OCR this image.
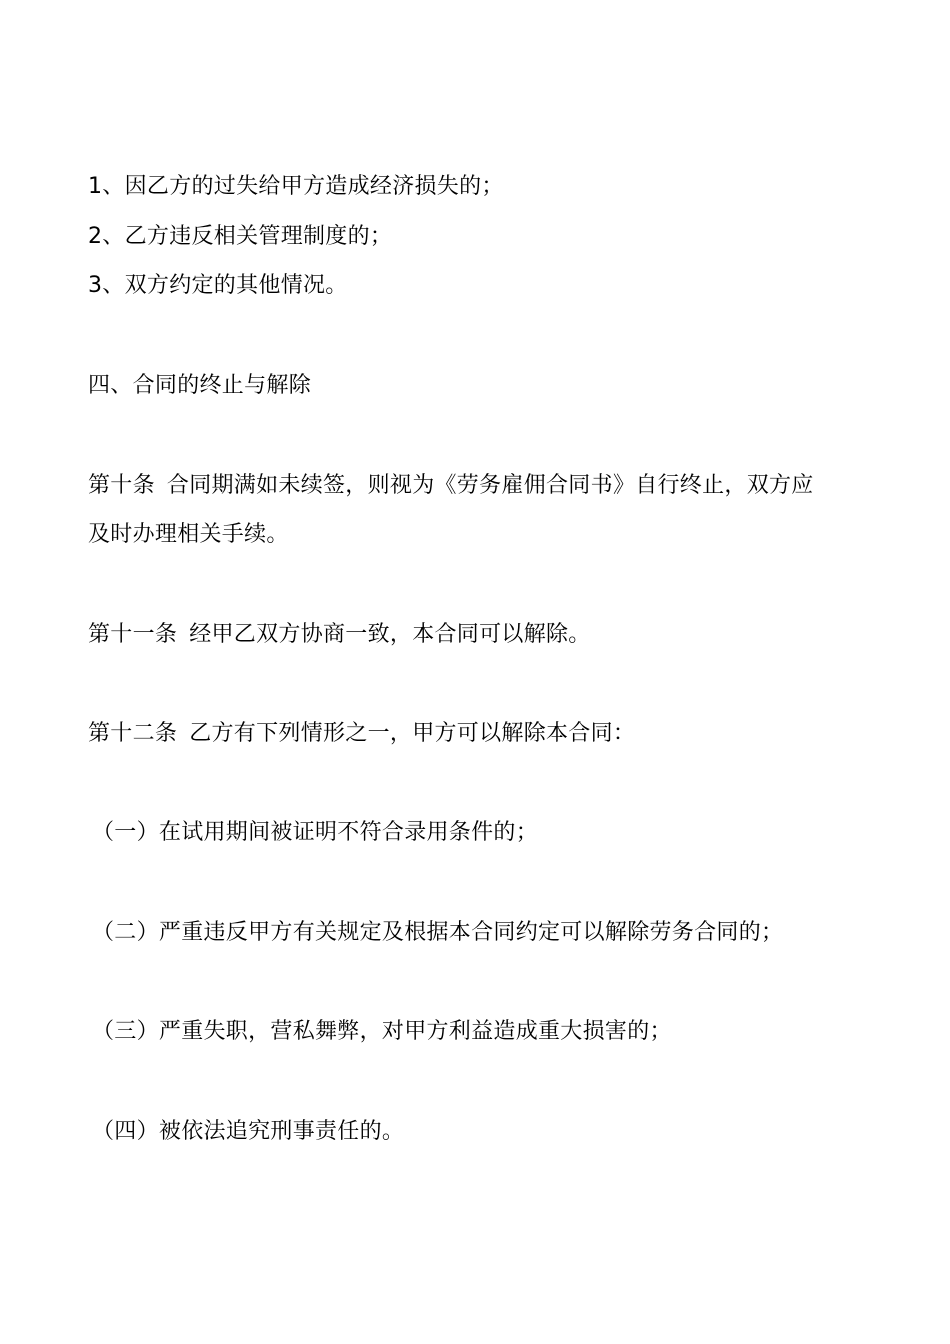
1、因乙方的过失给甲方造成经济损失的；
2、乙方违反相关管理制度的；
3、双方约定的其他情况。
四、合同的终止与解除
第十条 合同期满如未续签，则视为《劳务雇佣合同书》自行终止，双方应
及时办理相关手续。
第十一条 经甲乙双方协商一致，本合同可以解除。
第十二条 乙方有下列情形之一，甲方可以解除本合同：
（一）在试用期间被证明不符合录用条件的；
（二）严重违反甲方有关规定及根据本合同约定可以解除劳务合同的；
（三）严重失职，营私舞弊，对甲方利益造成重大损害的；
（四）被依法追究刑事责任的。
